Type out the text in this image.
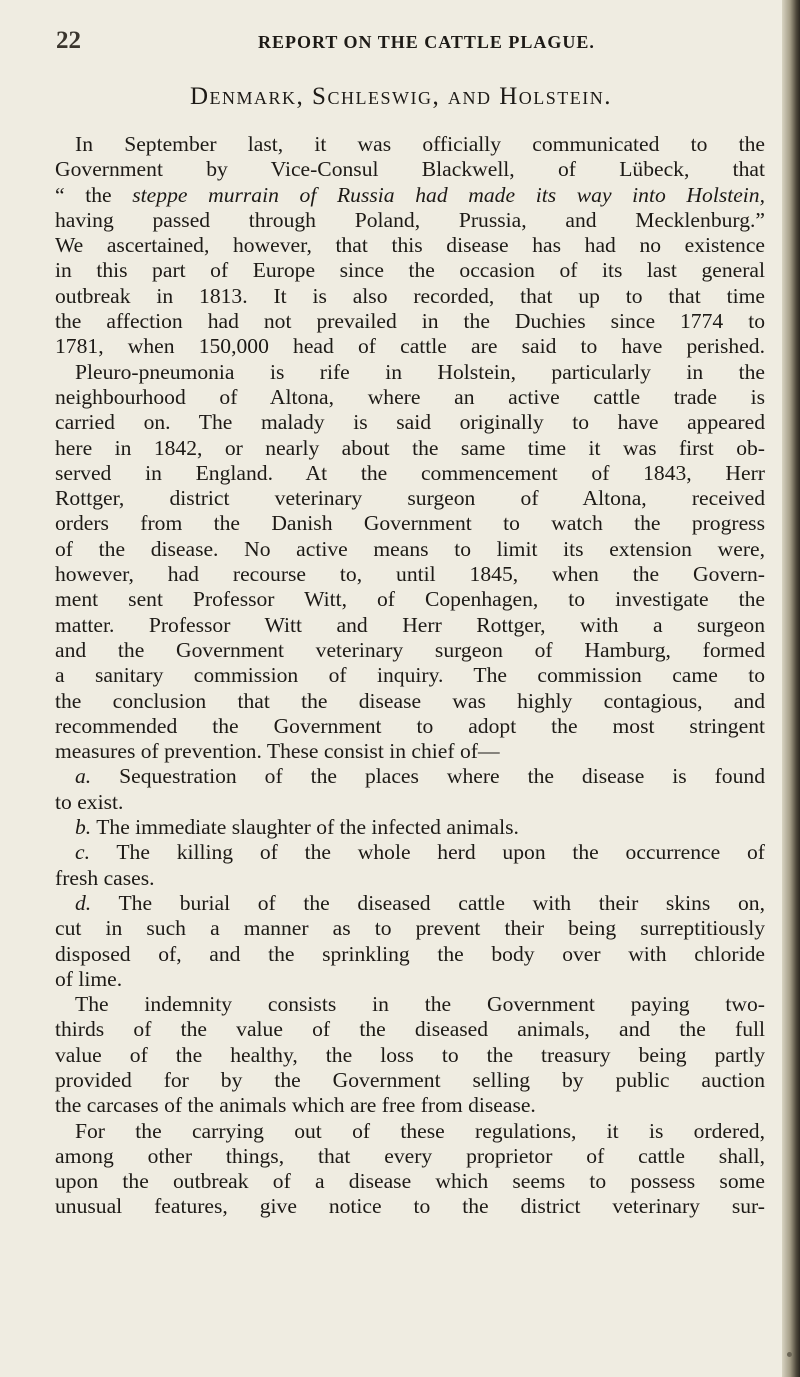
22	REPORT ON THE CATTLE PLAGUE.
Denmark, Schleswig, and Holstein.
In September last, it was officially communicated to the
Government by Vice-Consul Blackwell, of Lübeck, that
“ the steppe murrain of Russia had made its way into Holstein,
having passed through Poland, Prussia, and Mecklenburg.”
We ascertained, however, that this disease has had no existence
in this part of Europe since the occasion of its last general
outbreak in 1813. It is also recorded, that up to that time
the affection had not prevailed in the Duchies since 1774 to
1781, when 150,000 head of cattle are said to have perished.
Pleuro-pneumonia is rife in Holstein, particularly in the
neighbourhood of Altona, where an active cattle trade is
carried on. The malady is said originally to have appeared
here in 1842, or nearly about the same time it was first ob-
served in England. At the commencement of 1843, Herr
Rottger, district veterinary surgeon of Altona, received
orders from the Danish Government to watch the progress
of the disease. No active means to limit its extension were,
however, had recourse to, until 1845, when the Govern-
ment sent Professor Witt, of Copenhagen, to investigate the
matter. Professor Witt and Herr Rottger, with a surgeon
and the Government veterinary surgeon of Hamburg, formed
a sanitary commission of inquiry. The commission came to
the conclusion that the disease was highly contagious, and
recommended the Government to adopt the most stringent
measures of prevention. These consist in chief of—
a. Sequestration of the places where the disease is found
to exist.
b. The immediate slaughter of the infected animals.
c. The killing of the whole herd upon the occurrence of
fresh cases.
d. The burial of the diseased cattle with their skins on,
cut in such a manner as to prevent their being surreptitiously
disposed of, and the sprinkling the body over with chloride
of lime.
The indemnity consists in the Government paying two-
thirds of the value of the diseased animals, and the full
value of the healthy, the loss to the treasury being partly
provided for by the Government selling by public auction
the carcases of the animals which are free from disease.
For the carrying out of these regulations, it is ordered,
among other things, that every proprietor of cattle shall,
upon the outbreak of a disease which seems to possess some
unusual features, give notice to the district veterinary sur-
